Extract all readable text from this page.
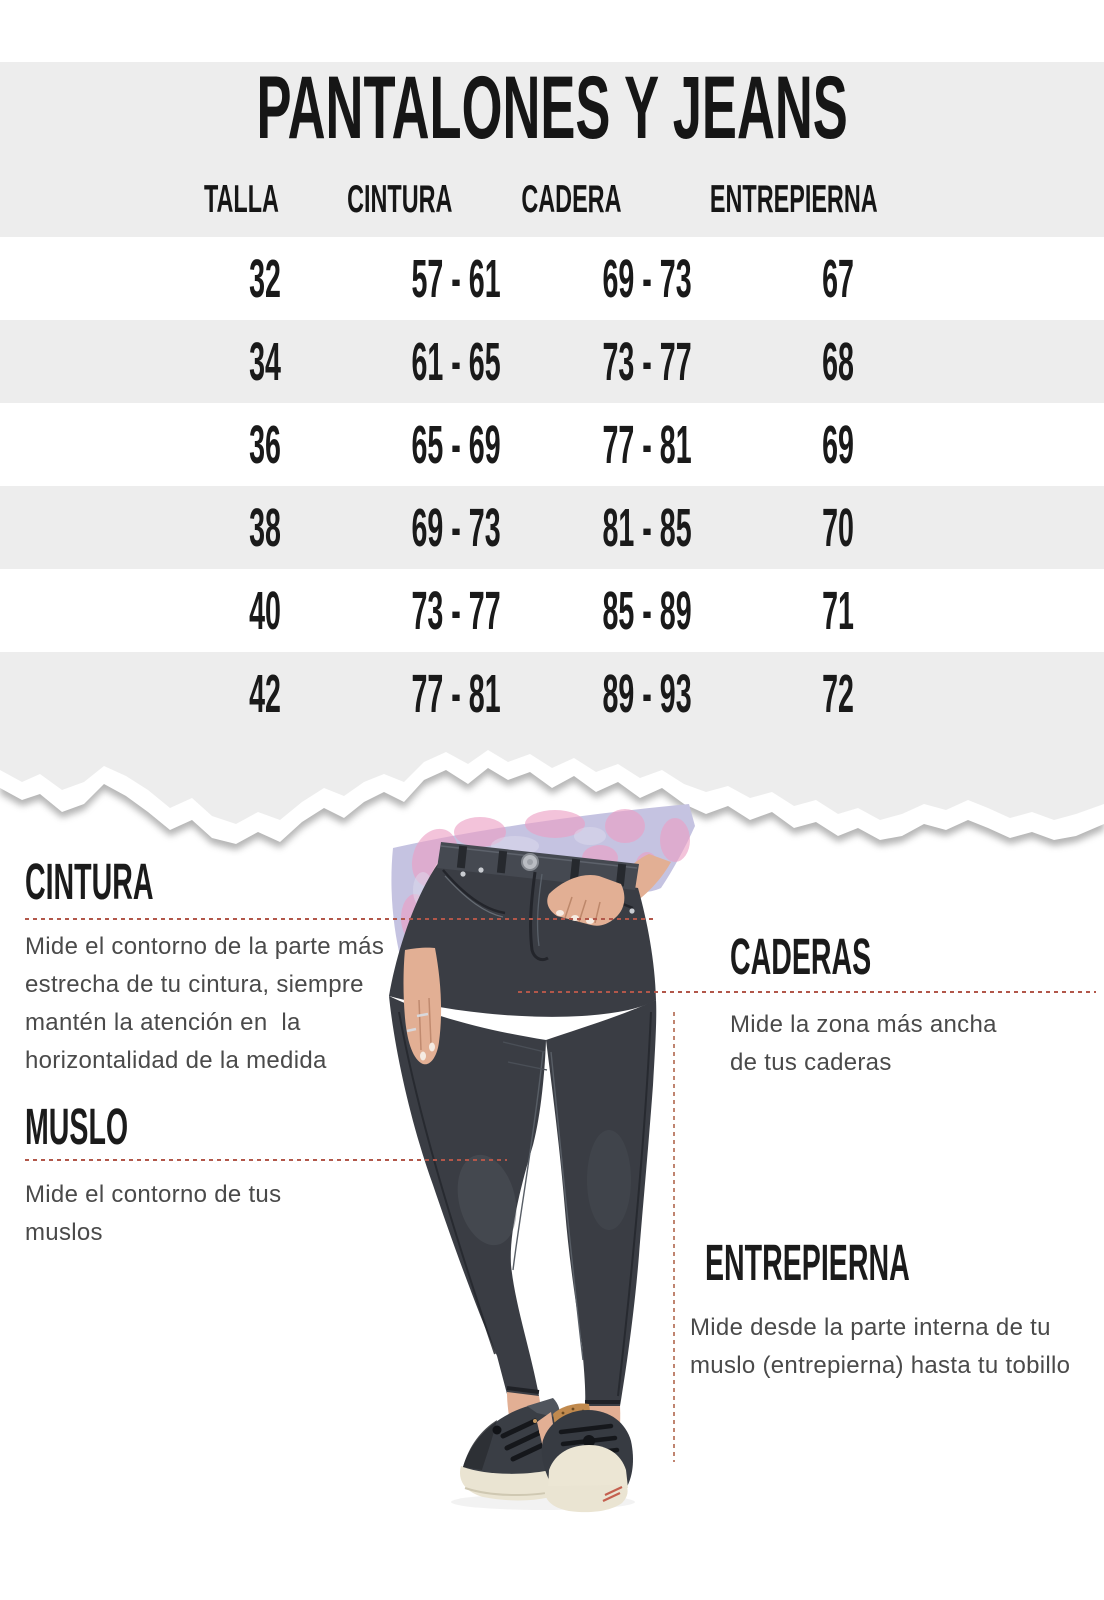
PANTALONES Y JEANS
TALLA	CINTURA	CADERA	ENTREPIERNA
32	57 - 61	69 - 73	67
34	61 - 65	73 - 77	68
36	65 - 69	77 - 81	69
38	69 - 73	81 - 85	70
40	73 - 77	85 - 89	71
42	77 - 81	89 - 93	72
CINTURA
Mide el contorno de la parte más
estrecha de tu cintura, siempre
mantén la atención en  la
horizontalidad de la medida
MUSLO
Mide el contorno de tus
muslos
CADERAS
Mide la zona más ancha
de tus caderas
ENTREPIERNA
Mide desde la parte interna de tu
muslo (entrepierna) hasta tu tobillo
